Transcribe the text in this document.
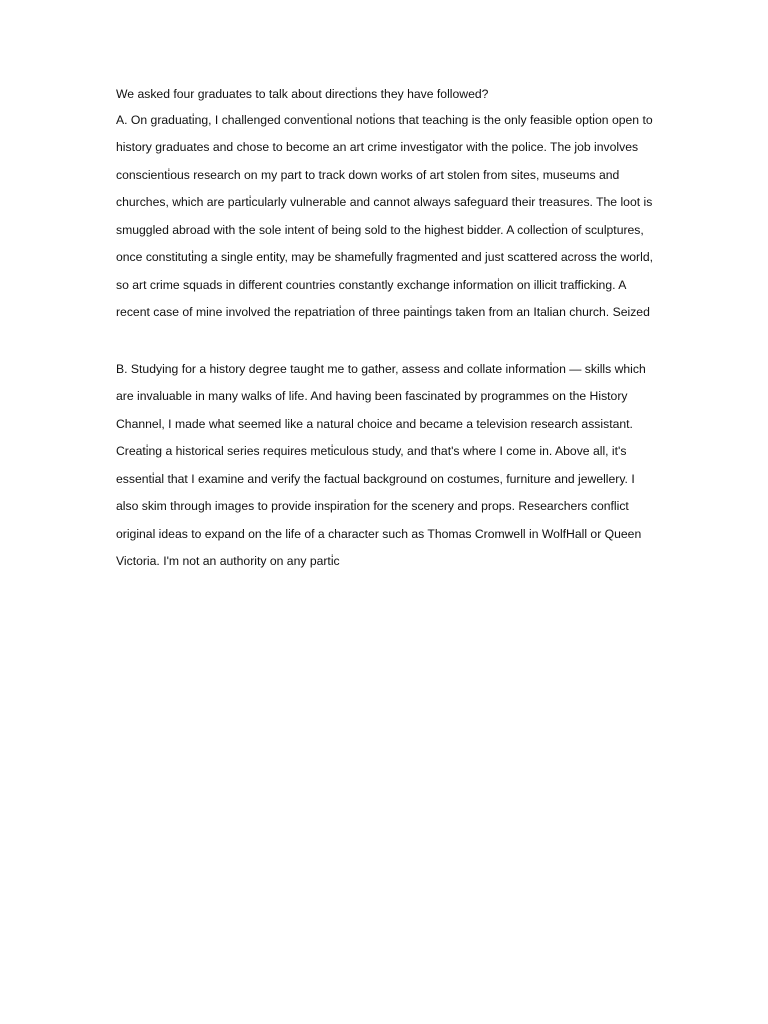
We asked four graduates to talk about directi̇ons they have followed?

A. On graduati̇ng, I challenged conventi̇onal noti̇ons that teaching is the only feasible opti̇on open to

history graduates and chose to become an art crime investi̇gator with the police. The job involves

conscienti̇ous research on my part to track down works of art stolen from sites, museums and

churches, which are parti̇cularly vulnerable and cannot always safeguard their treasures. The loot is

smuggled abroad with the sole intent of being sold to the highest bidder. A collecti̇on of sculptures,

once constituti̇ng a single entity, may be shamefully fragmented and just scattered across the world,

so art crime squads in different countries constantly exchange informati̇on on illicit trafficking. A

recent case of mine involved the repatriati̇on of three painti̇ngs taken from an Italian church. Seized

B. Studying for a history degree taught me to gather, assess and collate informati̇on — skills which

are invaluable in many walks of life. And having been fascinated by programmes on the History

Channel, I made what seemed like a natural choice and became a television research assistant.

Creati̇ng a historical series requires meti̇culous study, and that's where I come in. Above all, it's

essenti̇al that I examine and verify the factual background on costumes, furniture and jewellery. I

also skim through images to provide inspirati̇on for the scenery and props. Researchers conflict

original ideas to expand on the life of a character such as Thomas Cromwell in WolfHall or Queen

Victoria. I'm not an authority on any parti̇c
